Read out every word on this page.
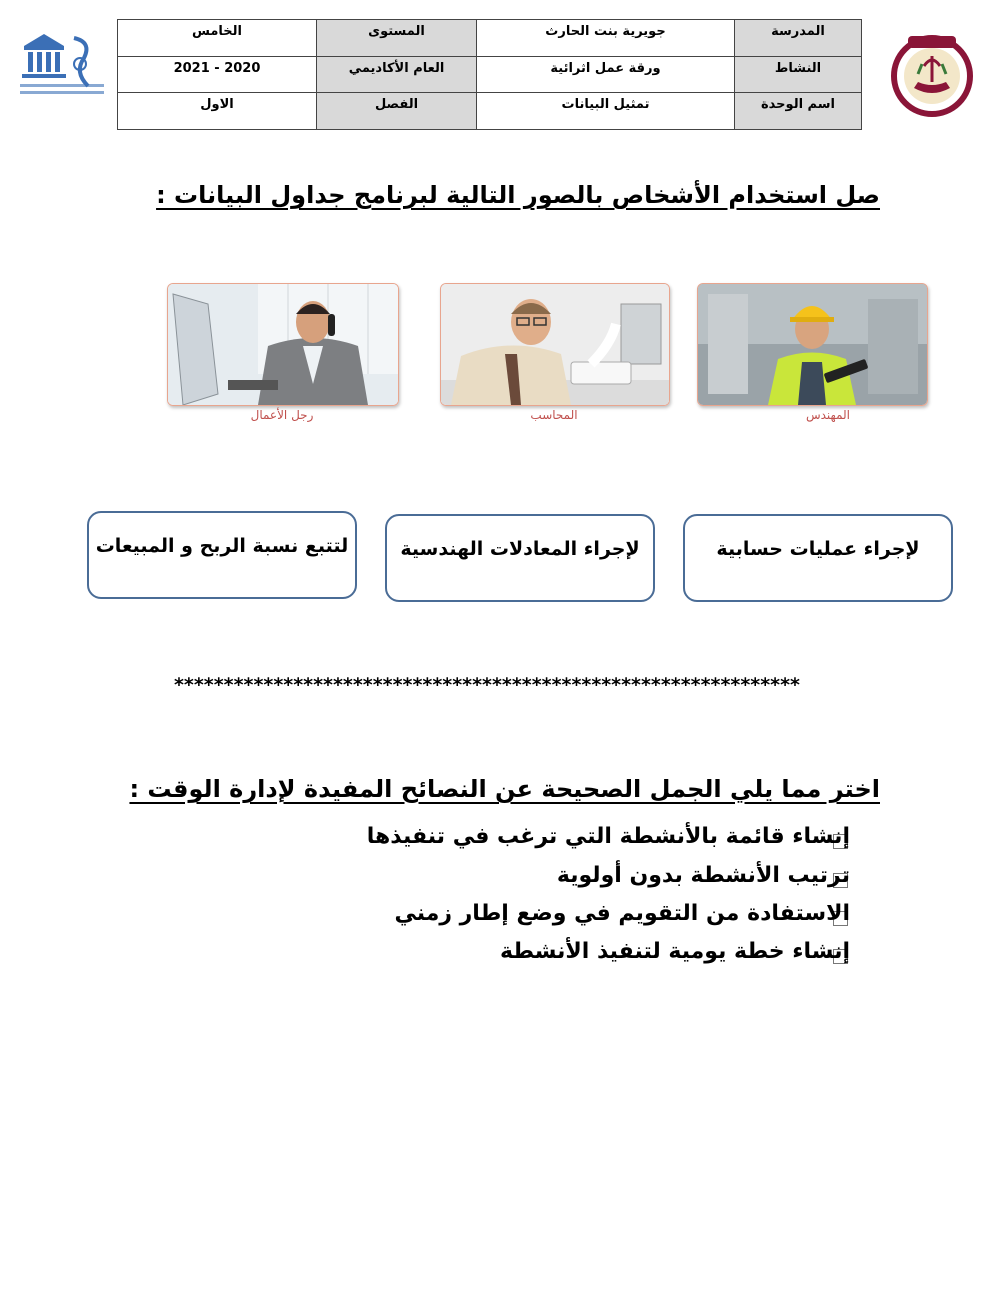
المدرسة	جويرية بنت الحارث	المستوى	الخامس
النشاط	ورقة عمل اثرائية	العام الأكاديمي	2020 - 2021
اسم الوحدة	تمثيل البيانات	الفصل	الاول
صل استخدام الأشخاص بالصور التالية لبرنامج جداول البيانات :
المهندس
المحاسب
رجل الأعمال
لإجراء عمليات حسابية
لإجراء المعادلات الهندسية
لتتبع نسبة الربح و المبيعات
***************************************************************
اختر مما يلي الجمل الصحيحة عن النصائح المفيدة لإدارة الوقت :
إنشاء قائمة بالأنشطة التي ترغب في تنفيذها
ترتيب الأنشطة بدون أولوية
الاستفادة من التقويم في وضع إطار زمني
إنشاء خطة يومية لتنفيذ الأنشطة
